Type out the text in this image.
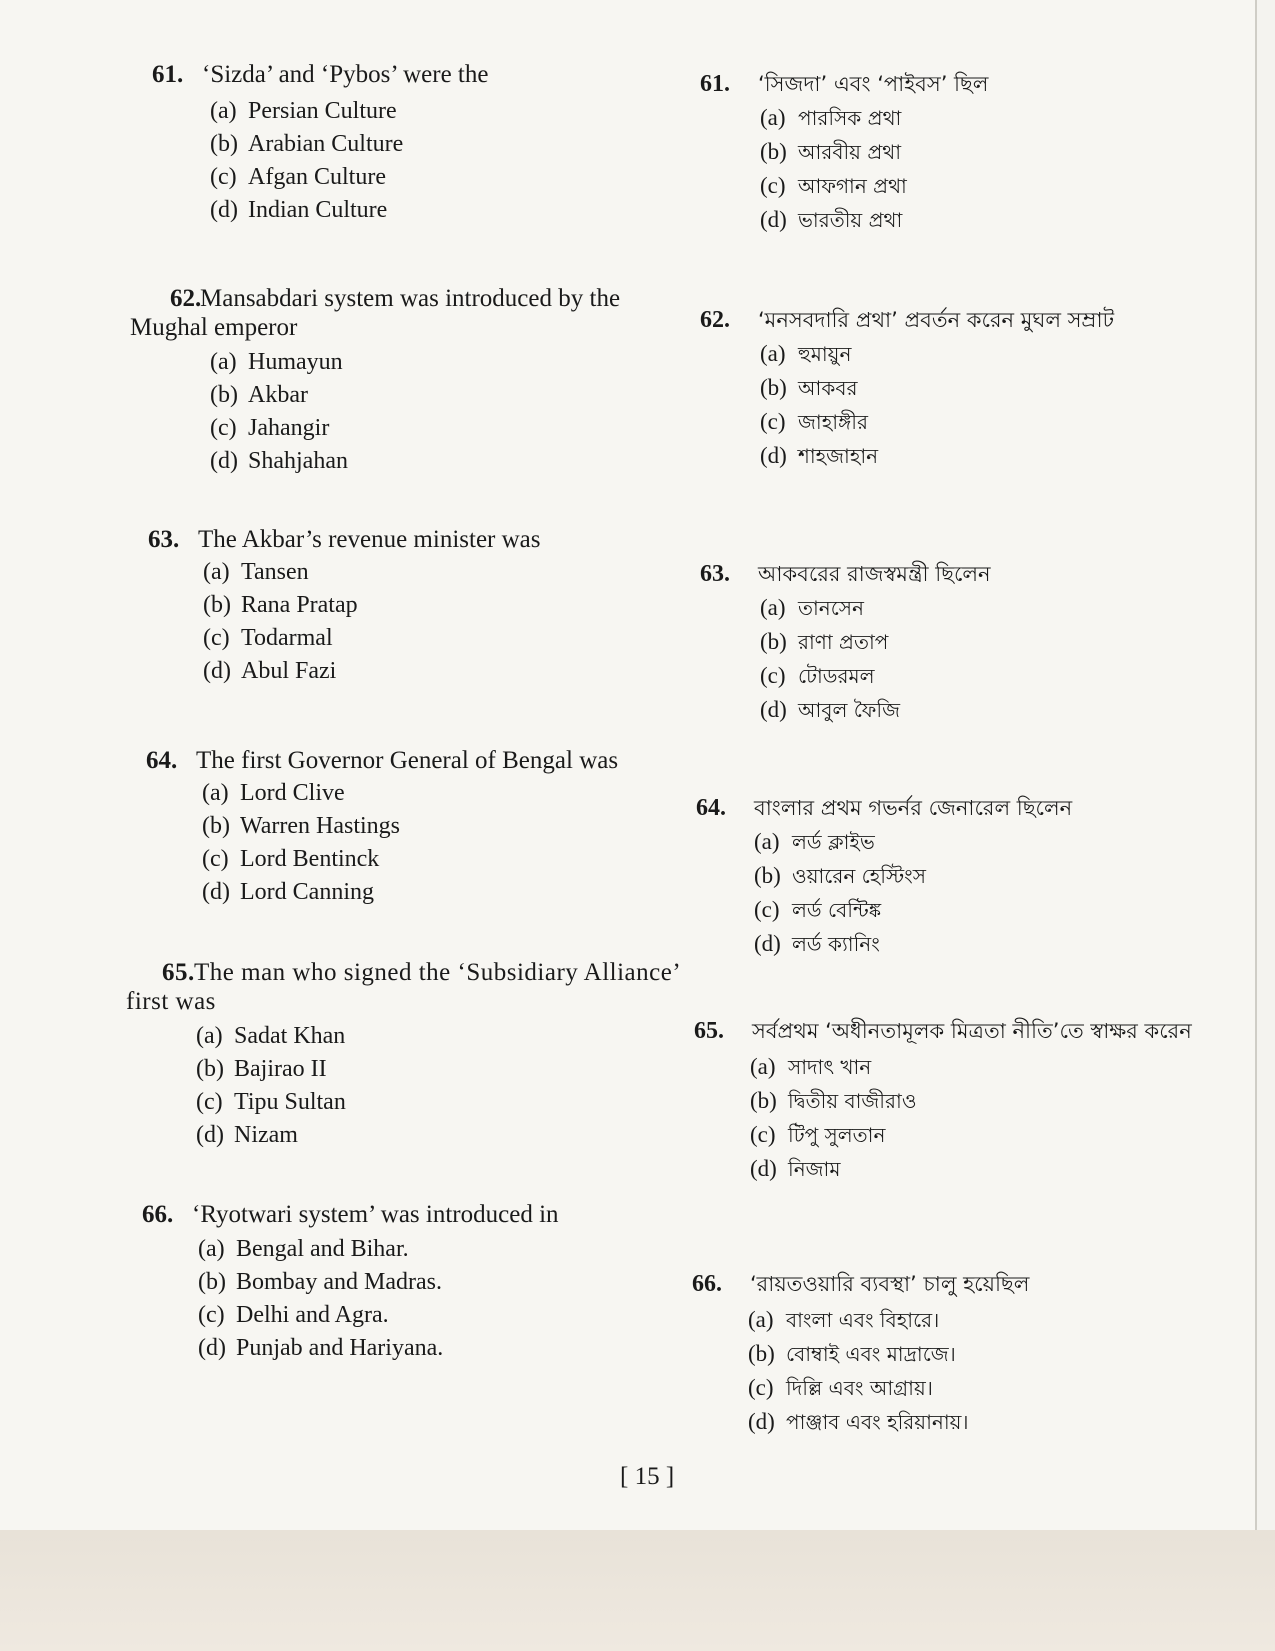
61. ‘Sizda’ and ‘Pybos’ were the

(a) Persian Culture
(b) Arabian Culture
(c) Afgan Culture
(d) Indian Culture

62.Mansabdari system was introduced by the Mughal emperor

(a) Humayun
(b) Akbar
(c) Jahangir
(d) Shahjahan

63. The Akbar’s revenue minister was

(a) Tansen
(b) Rana Pratap
(c) Todarmal
(d) Abul Fazi

64. The first Governor General of Bengal was

(a) Lord Clive
(b) Warren Hastings
(c) Lord Bentinck
(d) Lord Canning

65.The man who signed the ‘Subsidiary Alliance’ first was

(a) Sadat Khan
(b) Bajirao II
(c) Tipu Sultan
(d) Nizam

66. ‘Ryotwari system’ was introduced in

(a) Bengal and Bihar.
(b) Bombay and Madras.
(c) Delhi and Agra.
(d) Punjab and Hariyana.

61. ‘সিজদা’ এবং ‘পাইবস’ ছিল

(a) পারসিক প্রথা
(b) আরবীয় প্রথা
(c) আফগান প্রথা
(d) ভারতীয় প্রথা

62. ‘মনসবদারি প্রথা’ প্রবর্তন করেন মুঘল সম্রাট

(a) হুমায়ুন
(b) আকবর
(c) জাহাঙ্গীর
(d) শাহজাহান

63. আকবরের রাজস্বমন্ত্রী ছিলেন

(a) তানসেন
(b) রাণা প্রতাপ
(c) টোডরমল
(d) আবুল ফৈজি

64. বাংলার প্রথম গভর্নর জেনারেল ছিলেন

(a) লর্ড ক্লাইভ
(b) ওয়ারেন হেস্টিংস
(c) লর্ড বেন্টিঙ্ক
(d) লর্ড ক্যানিং

65. সর্বপ্রথম ‘অধীনতামূলক মিত্রতা নীতি’তে স্বাক্ষর করেন

(a) সাদাৎ খান
(b) দ্বিতীয় বাজীরাও
(c) টিপু সুলতান
(d) নিজাম

66. ‘রায়তওয়ারি ব্যবস্থা’ চালু হয়েছিল

(a) বাংলা এবং বিহারে।
(b) বোম্বাই এবং মাদ্রাজে।
(c) দিল্লি এবং আগ্রায়।
(d) পাঞ্জাব এবং হরিয়ানায়।
[ 15 ]
